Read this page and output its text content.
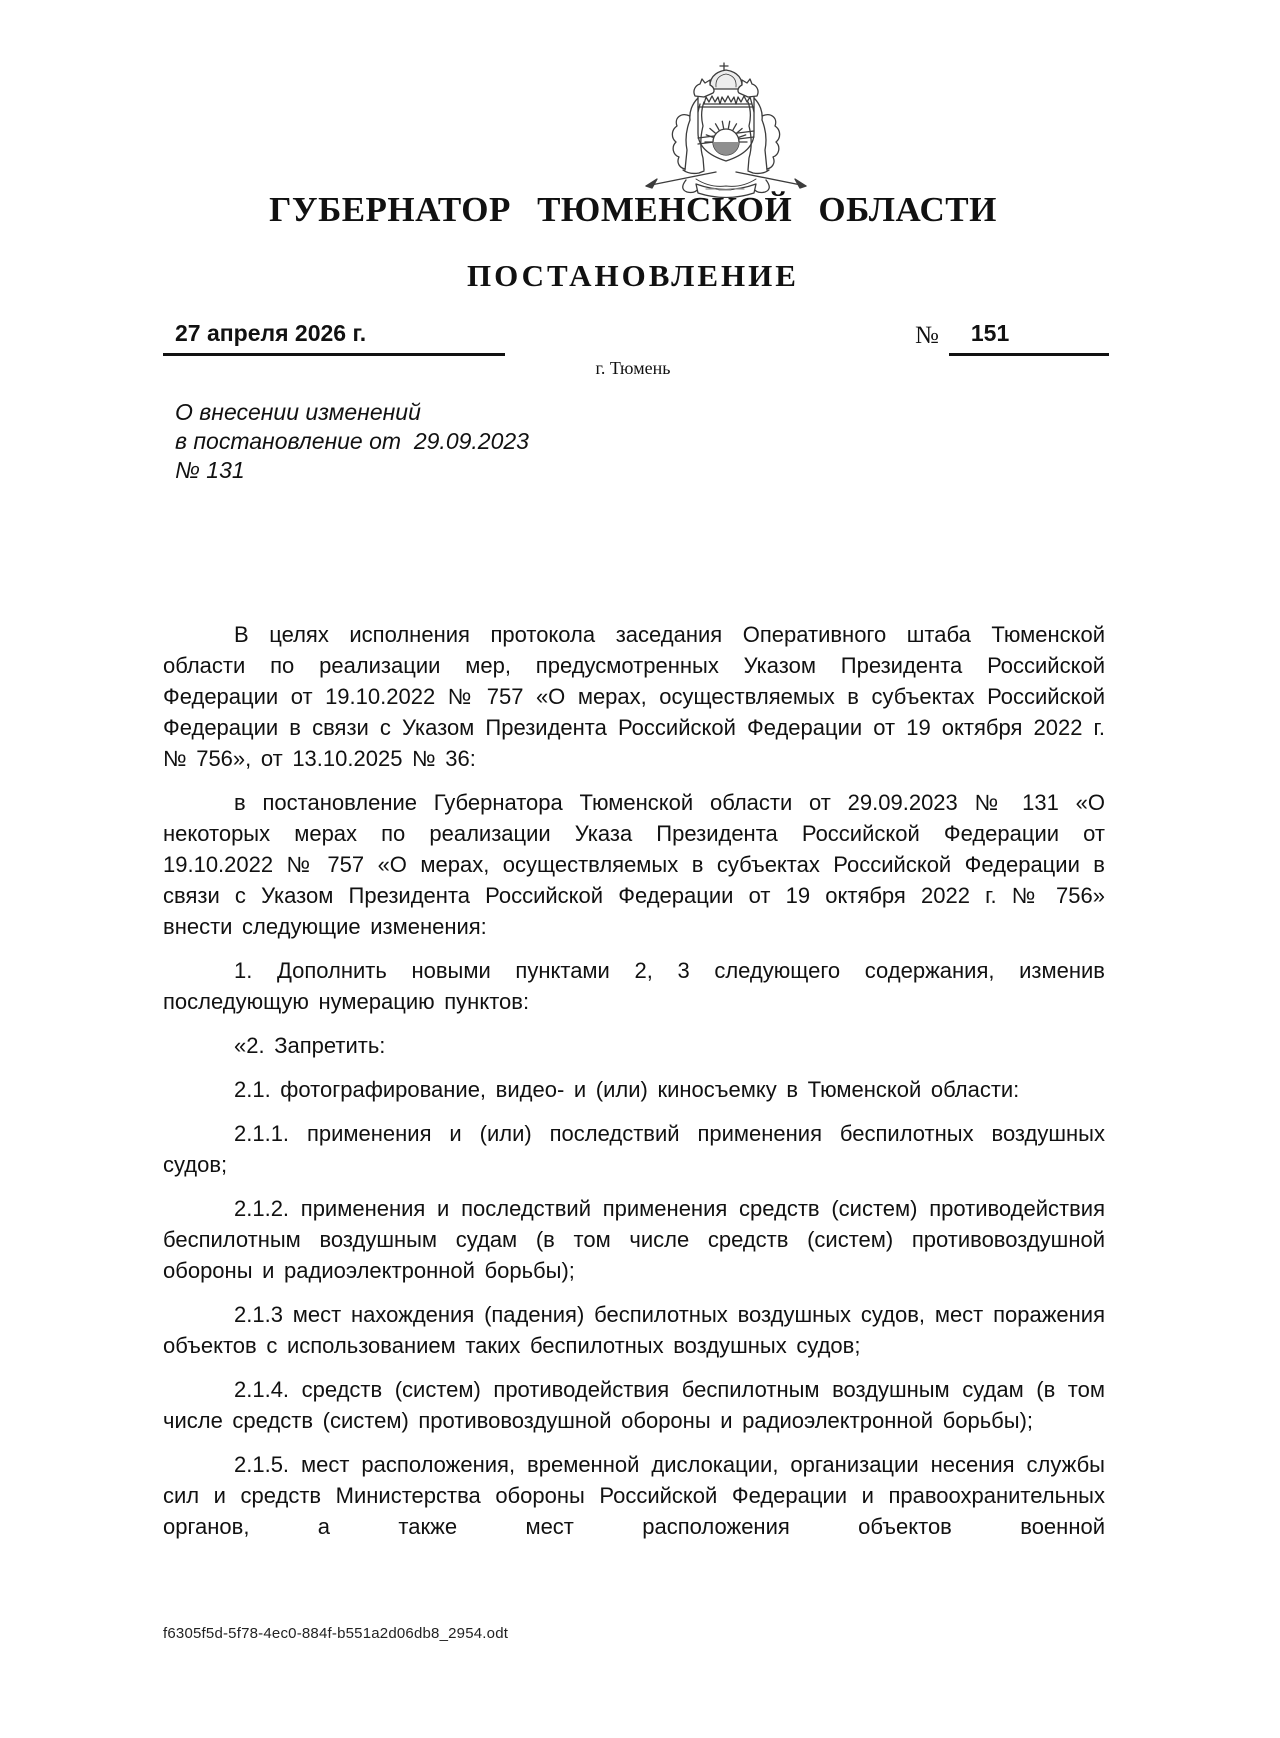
ГУБЕРНАТОР ТЮМЕНСКОЙ ОБЛАСТИ
ПОСТАНОВЛЕНИЕ
27 апреля 2026 г.	№	151
г. Тюмень
О внесении изменений
в постановление от  29.09.2023
№ 131

В целях исполнения протокола заседания Оперативного штаба Тюменской области по реализации мер, предусмотренных Указом Президента Российской Федерации от 19.10.2022 № 757 «О мерах, осуществляемых в субъектах Российской Федерации в связи с Указом Президента Российской Федерации от 19 октября 2022 г. № 756», от 13.10.2025 № 36:

в постановление Губернатора Тюменской области от 29.09.2023 № 131 «О некоторых мерах по реализации Указа Президента Российской Федерации от 19.10.2022 № 757 «О мерах, осуществляемых в субъектах Российской Федерации в связи с Указом Президента Российской Федерации от 19 октября 2022 г. № 756» внести следующие изменения:

1. Дополнить новыми пунктами 2, 3 следующего содержания, изменив последующую нумерацию пунктов:

«2. Запретить:

2.1. фотографирование, видео- и (или) киносъемку в Тюменской области:

2.1.1. применения и (или) последствий применения беспилотных воздушных судов;

2.1.2. применения и последствий применения средств (систем) противодействия беспилотным воздушным судам (в том числе средств (систем) противовоздушной обороны и радиоэлектронной борьбы);

2.1.3 мест нахождения (падения) беспилотных воздушных судов, мест поражения объектов с использованием таких беспилотных воздушных судов;

2.1.4. средств (систем) противодействия беспилотным воздушным судам (в том числе средств (систем) противовоздушной обороны и радиоэлектронной борьбы);

2.1.5. мест расположения, временной дислокации, организации несения службы сил и средств Министерства обороны Российской Федерации и правоохранительных органов, а также мест расположения объектов военной

f6305f5d-5f78-4ec0-884f-b551a2d06db8_2954.odt
